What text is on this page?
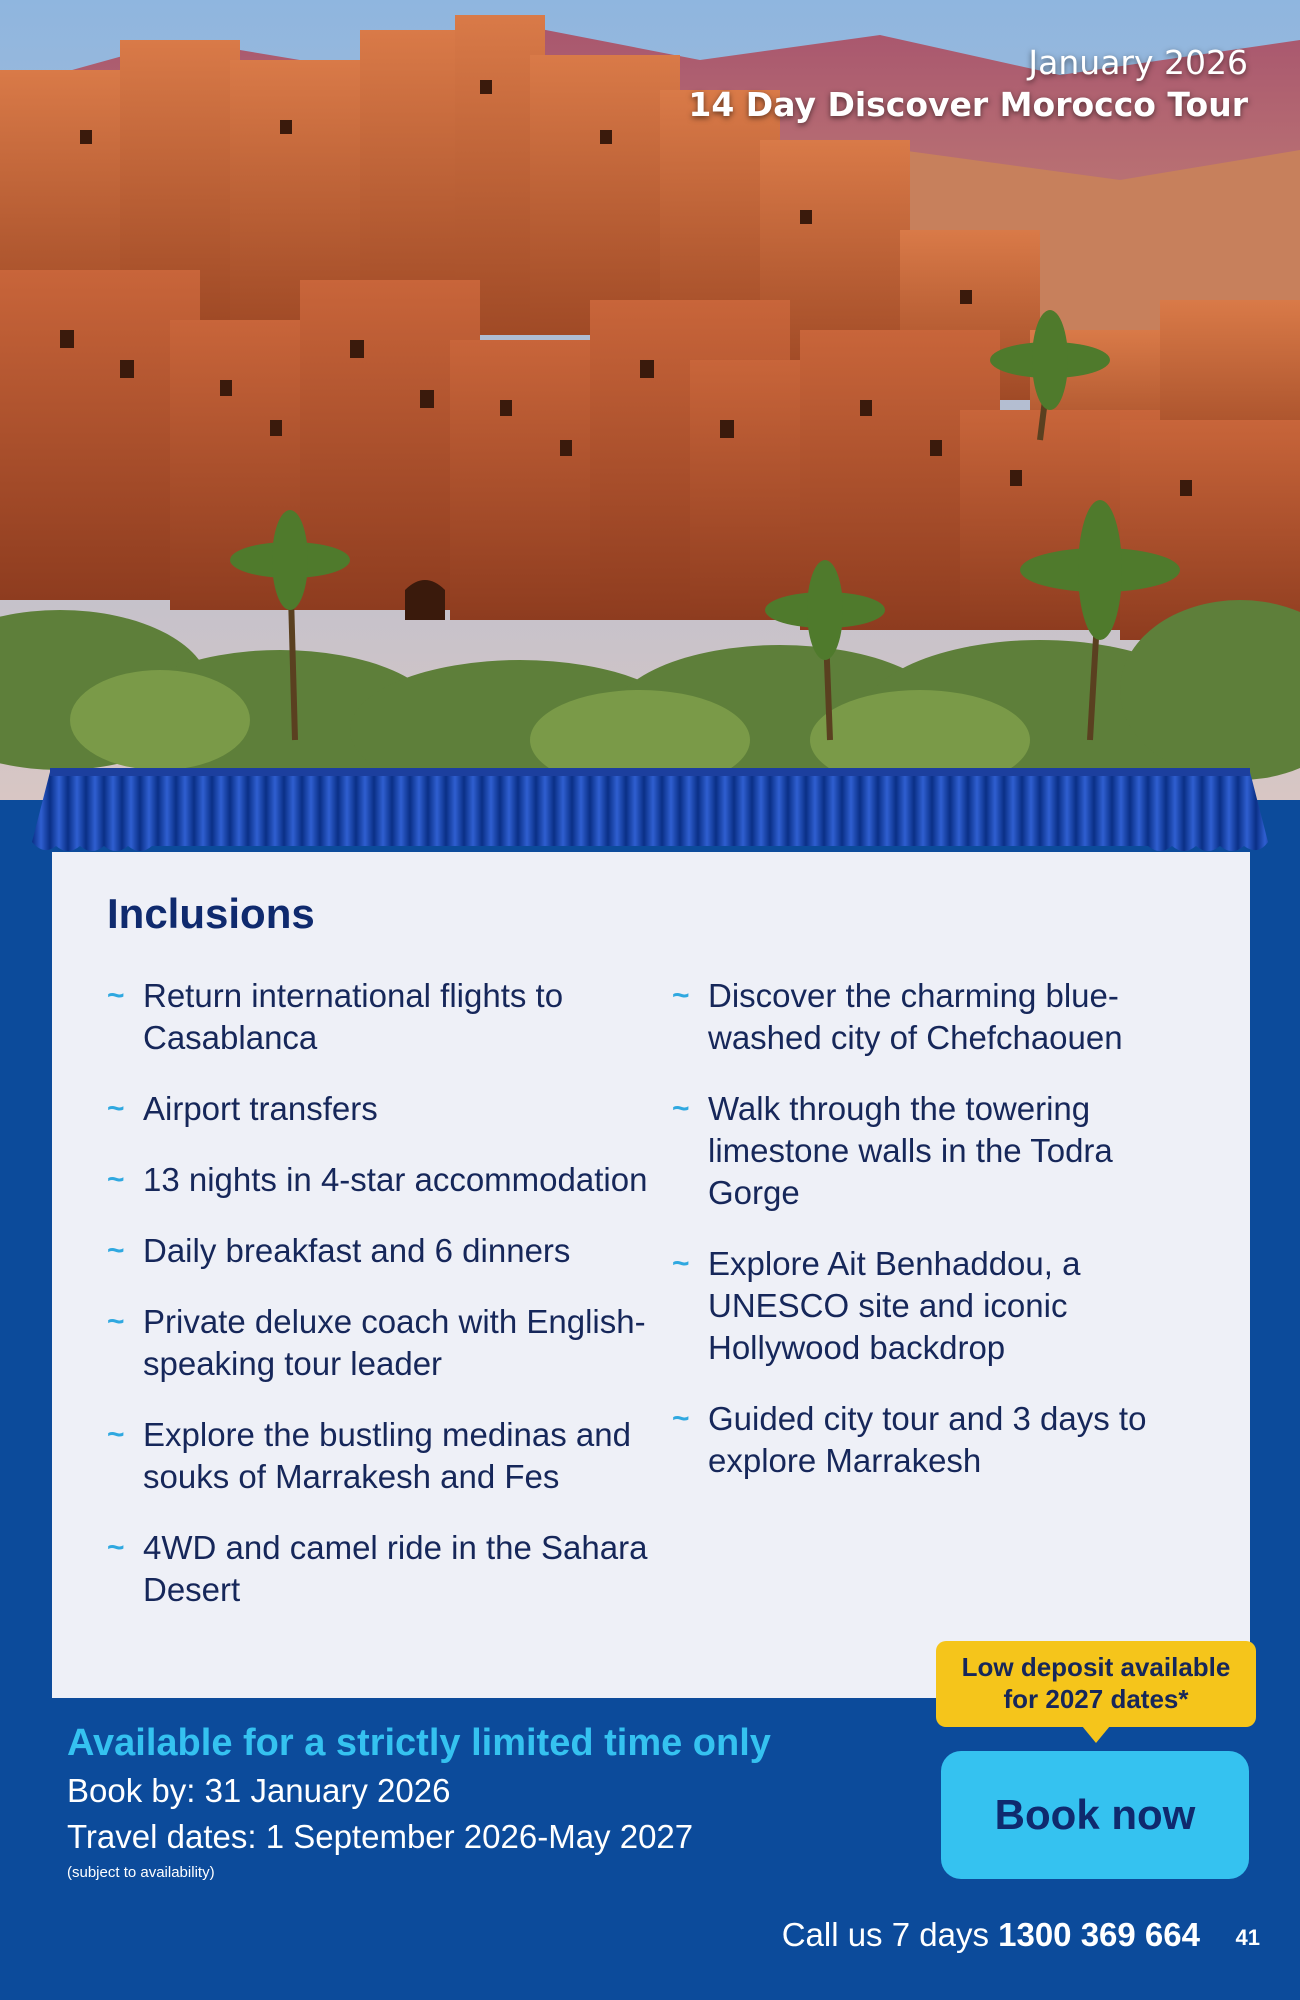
January 2026
14 Day Discover Morocco Tour
Inclusions
~ Return international flights to Casablanca
~ Airport transfers
~ 13 nights in 4-star accommodation
~ Daily breakfast and 6 dinners
~ Private deluxe coach with English-speaking tour leader
~ Explore the bustling medinas and souks of Marrakesh and Fes
~ 4WD and camel ride in the Sahara Desert
~ Discover the charming blue-washed city of Chefchaouen
~ Walk through the towering limestone walls in the Todra Gorge
~ Explore Ait Benhaddou, a UNESCO site and iconic Hollywood backdrop
~ Guided city tour and 3 days to explore Marrakesh
Low deposit available
for 2027 dates*
Available for a strictly limited time only
Book by: 31 January 2026
Travel dates: 1 September 2026-May 2027
(subject to availability)
Book now
Call us 7 days 1300 369 664 41
